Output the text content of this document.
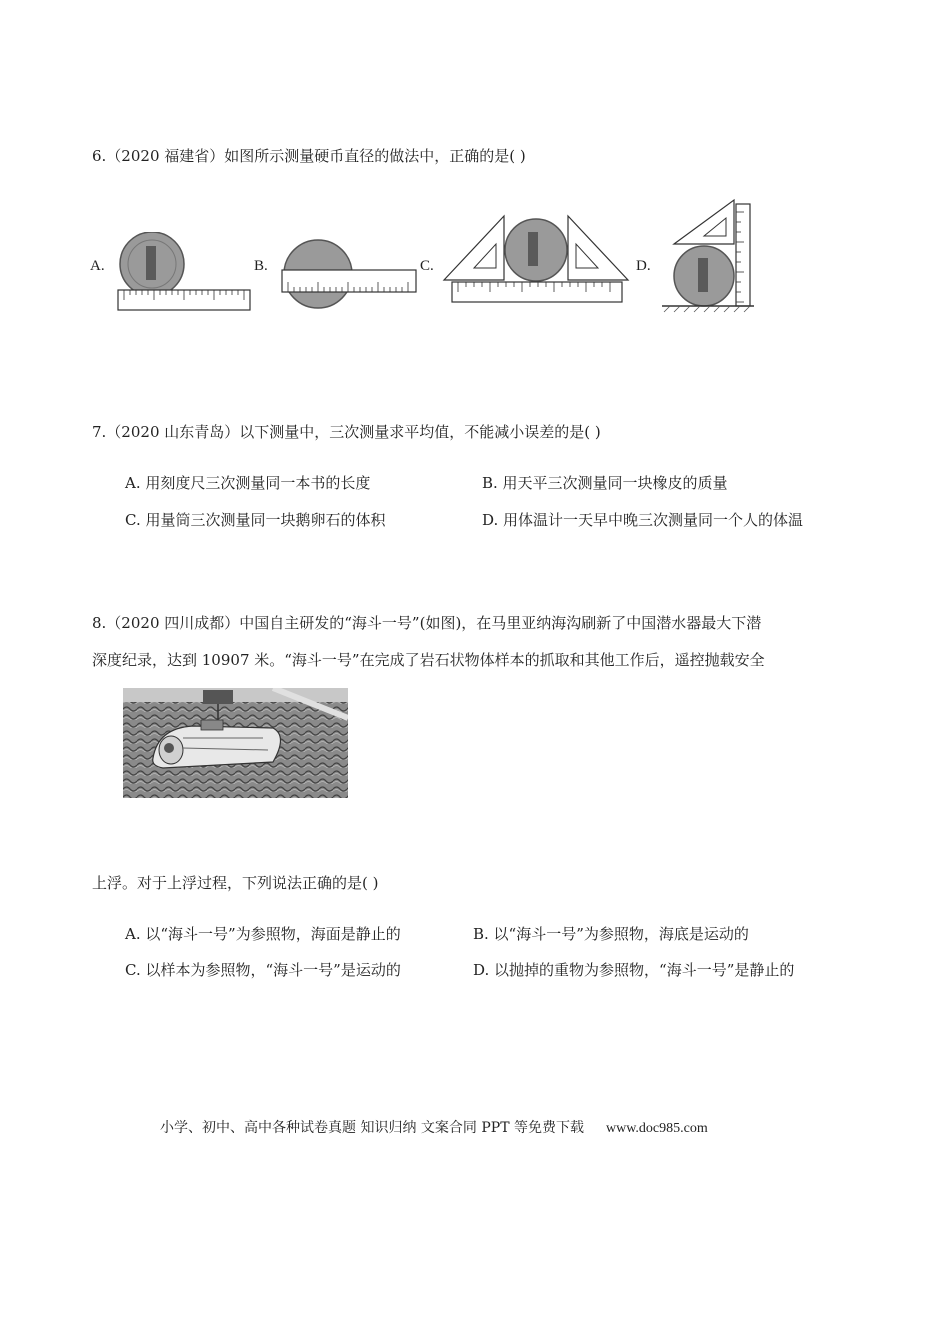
6.（2020 福建省）如图所示测量硬币直径的做法中，正确的是( )
A.	B.	C.	D.
7.（2020 山东青岛）以下测量中，三次测量求平均值，不能减小误差的是( )
A. 用刻度尺三次测量同一本书的长度	B. 用天平三次测量同一块橡皮的质量
C. 用量筒三次测量同一块鹅卵石的体积	D. 用体温计一天早中晚三次测量同一个人的体温
8.（2020 四川成都）中国自主研发的“海斗一号”(如图)，在马里亚纳海沟刷新了中国潜水器最大下潜
深度纪录，达到 10907 米。“海斗一号”在完成了岩石状物体样本的抓取和其他工作后，遥控抛载安全
上浮。对于上浮过程，下列说法正确的是( )
A. 以“海斗一号”为参照物，海面是静止的	B. 以“海斗一号”为参照物，海底是运动的
C. 以样本为参照物，“海斗一号”是运动的	D. 以抛掉的重物为参照物，“海斗一号”是静止的
小学、初中、高中各种试卷真题 知识归纳 文案合同 PPT 等免费下载 www.doc985.com
